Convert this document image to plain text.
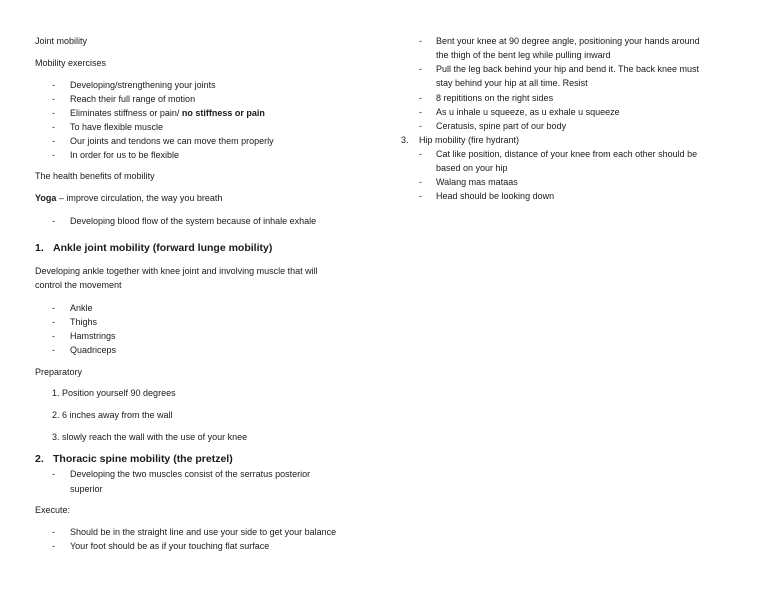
Joint mobility
Mobility exercises
- Developing/strengthening your joints
- Reach their full range of motion
- Eliminates stiffness or pain/ no stiffness or pain
- To have flexible muscle
- Our joints and tendons we can move them properly
- In order for us to be flexible
The health benefits of mobility
Yoga – improve circulation, the way you breath
- Developing blood flow of the system because of inhale exhale
1. Ankle joint mobility (forward lunge mobility)
Developing ankle together with knee joint and involving muscle that will
control the movement
- Ankle
- Thighs
- Hamstrings
- Quadriceps
Preparatory
1. Position yourself 90 degrees
2. 6 inches away from the wall
3. slowly reach the wall with the use of your knee
2. Thoracic spine mobility (the pretzel)
- Developing the two muscles consist of the serratus posterior
superior
Execute:
- Should be in the straight line and use your side to get your balance
- Your foot should be as if your touching flat surface
- Bent your knee at 90 degree angle, positioning your hands around
the thigh of the bent leg while pulling inward
- Pull the leg back behind your hip and bend it. The back knee must
stay behind your hip at all time. Resist
- 8 repititions on the right sides
- As u inhale u squeeze, as u exhale u squeeze
- Ceratusis, spine part of our body
3. Hip mobility (fire hydrant)
- Cat like position, distance of your knee from each other should be
based on your hip
- Walang mas mataas
- Head should be looking down
